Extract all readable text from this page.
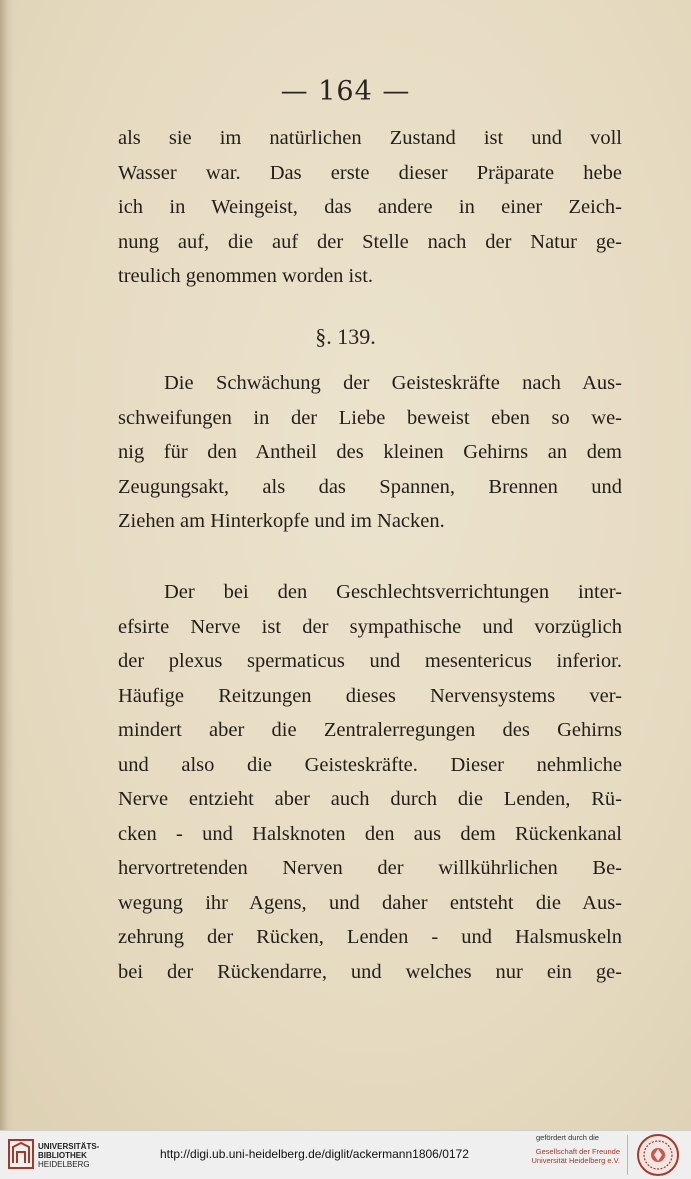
— 164 —
als sie im natürlichen Zustand ist und voll
Wasser war. Das erste dieser Präparate hebe
ich in Weingeist, das andere in einer Zeich-
nung auf, die auf der Stelle nach der Natur ge-
treulich genommen worden ist.
§. 139.
Die Schwächung der Geisteskräfte nach Aus-
schweifungen in der Liebe beweist eben so we-
nig für den Antheil des kleinen Gehirns an dem
Zeugungsakt, als das Spannen, Brennen und
Ziehen am Hinterkopfe und im Nacken.
Der bei den Geschlechtsverrichtungen inter-
efsirte Nerve ist der sympathische und vorzüglich
der plexus spermaticus und mesentericus inferior.
Häufige Reitzungen dieses Nervensystems ver-
mindert aber die Zentralerregungen des Gehirns
und also die Geisteskräfte. Dieser nehmliche
Nerve entzieht aber auch durch die Lenden, Rü-
cken - und Halsknoten den aus dem Rückenkanal
hervortretenden Nerven der willkührlichen Be-
wegung ihr Agens, und daher entsteht die Aus-
zehrung der Rücken, Lenden - und Halsmuskeln
bei der Rückendarre, und welches nur ein ge-
UNIVERSITÄTS-
BIBLIOTHEK
HEIDELBERG
http://digi.ub.uni-heidelberg.de/diglit/ackermann1806/0172
gefördert durch die
Gesellschaft der Freunde
Universität Heidelberg e.V.
